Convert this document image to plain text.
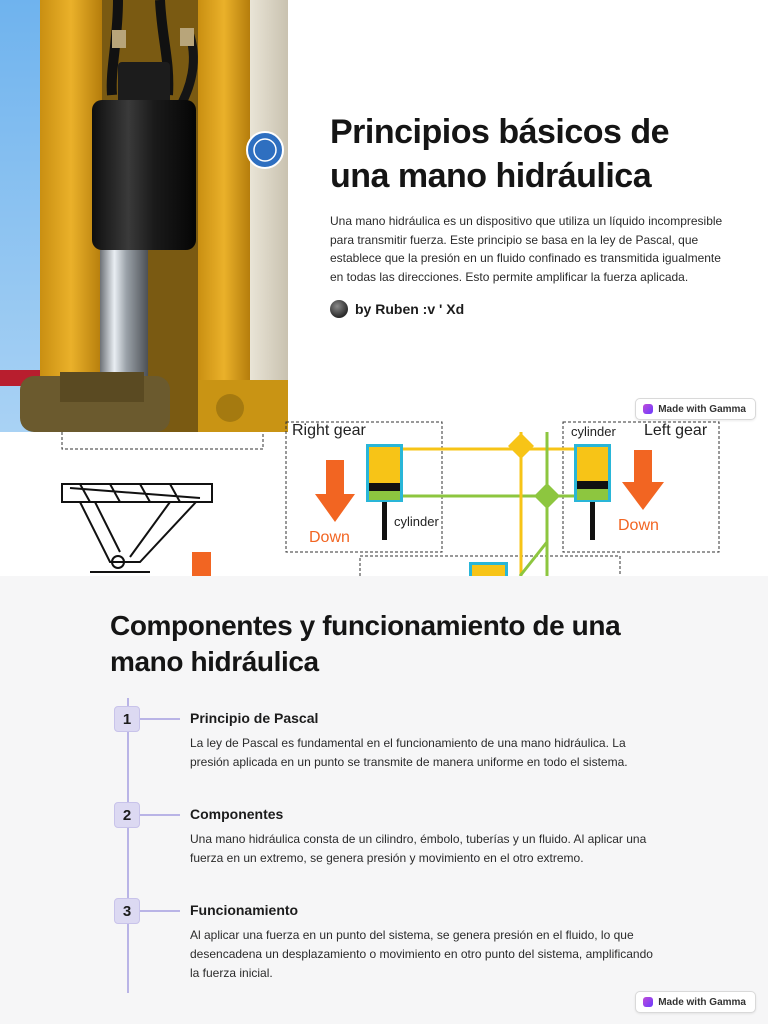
Principios básicos de una mano hidráulica

Una mano hidráulica es un dispositivo que utiliza un líquido incompresible para transmitir fuerza. Este principio se basa en la ley de Pascal, que establece que la presión en un fluido confinado es transmitida igualmente en todas las direcciones. Esto permite amplificar la fuerza aplicada.

by Ruben :v ' Xd
Made with Gamma
Right gear	Left gear
cylinder
cylinder
Down
Down
Componentes y funcionamiento de una mano hidráulica
1	Principio de Pascal

La ley de Pascal es fundamental en el funcionamiento de una mano hidráulica. La presión aplicada en un punto se transmite de manera uniforme en todo el sistema.

2	Componentes

Una mano hidráulica consta de un cilindro, émbolo, tuberías y un fluido. Al aplicar una fuerza en un extremo, se genera presión y movimiento en el otro extremo.

3	Funcionamiento

Al aplicar una fuerza en un punto del sistema, se genera presión en el fluido, lo que desencadena un desplazamiento o movimiento en otro punto del sistema, amplificando la fuerza inicial.

Made with Gamma
